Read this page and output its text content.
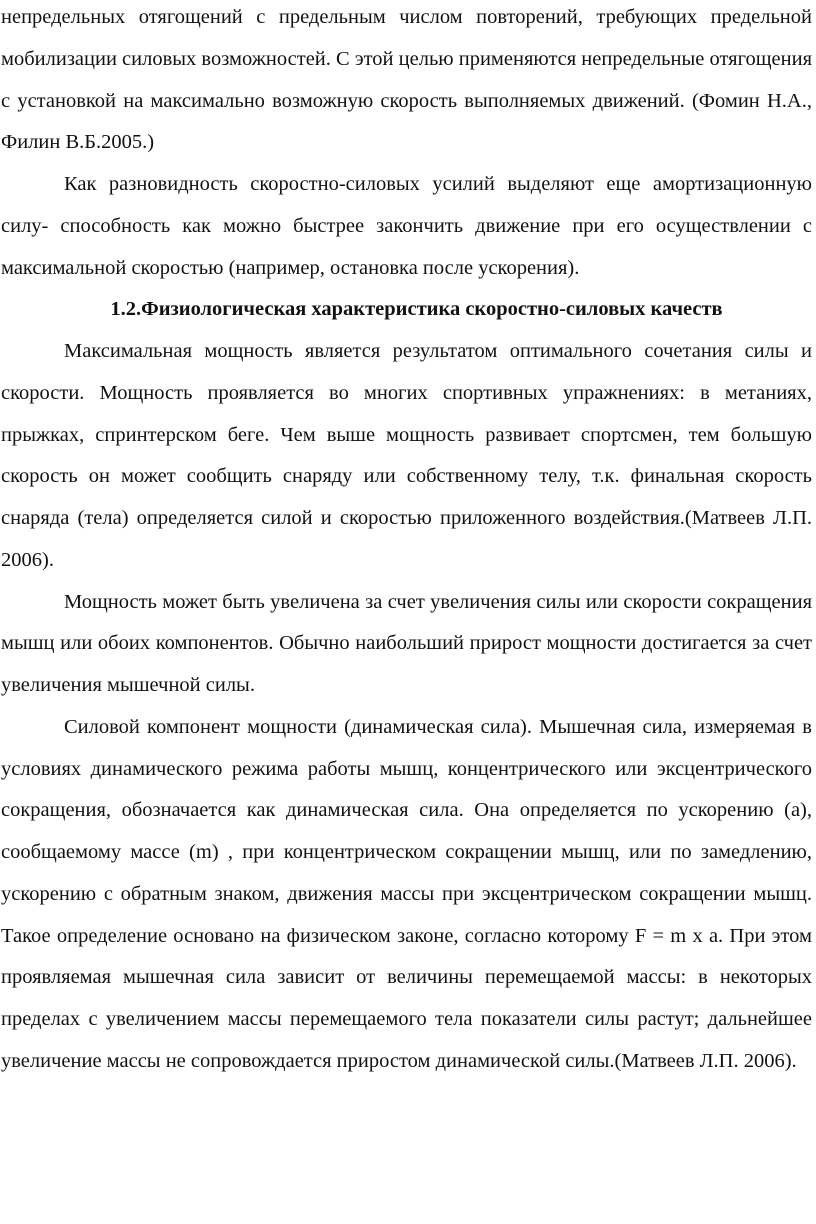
непредельных отягощений с предельным числом повторений, требующих предельной мобилизации силовых возможностей. С этой целью применяются непредельные отягощения с установкой на максимально возможную скорость выполняемых движений. (Фомин Н.А., Филин В.Б.2005.)

Как разновидность скоростно-силовых усилий выделяют еще амортизационную силу- способность как можно быстрее закончить движение при его осуществлении с максимальной скоростью (например, остановка после ускорения).

1.2.Физиологическая характеристика скоростно-силовых качеств

Максимальная мощность является результатом оптимального сочетания силы и скорости. Мощность проявляется во многих спортивных упражнениях: в метаниях, прыжках, спринтерском беге. Чем выше мощность развивает спортсмен, тем большую скорость он может сообщить снаряду или собственному телу, т.к. финальная скорость снаряда (тела) определяется силой и скоростью приложенного воздействия.(Матвеев Л.П. 2006).

Мощность может быть увеличена за счет увеличения силы или скорости сокращения мышц или обоих компонентов. Обычно наибольший прирост мощности достигается за счет увеличения мышечной силы.

Силовой компонент мощности (динамическая сила). Мышечная сила, измеряемая в условиях динамического режима работы мышц, концентрического или эксцентрического сокращения, обозначается как динамическая сила. Она определяется по ускорению (а), сообщаемому массе (m) , при концентрическом сокращении мышц, или по замедлению, ускорению с обратным знаком, движения массы при эксцентрическом сокращении мышц. Такое определение основано на физическом законе, согласно которому F = m x a. При этом проявляемая мышечная сила зависит от величины перемещаемой массы: в некоторых пределах с увеличением массы перемещаемого тела показатели силы растут; дальнейшее увеличение массы не сопровождается приростом динамической силы.(Матвеев Л.П. 2006).
